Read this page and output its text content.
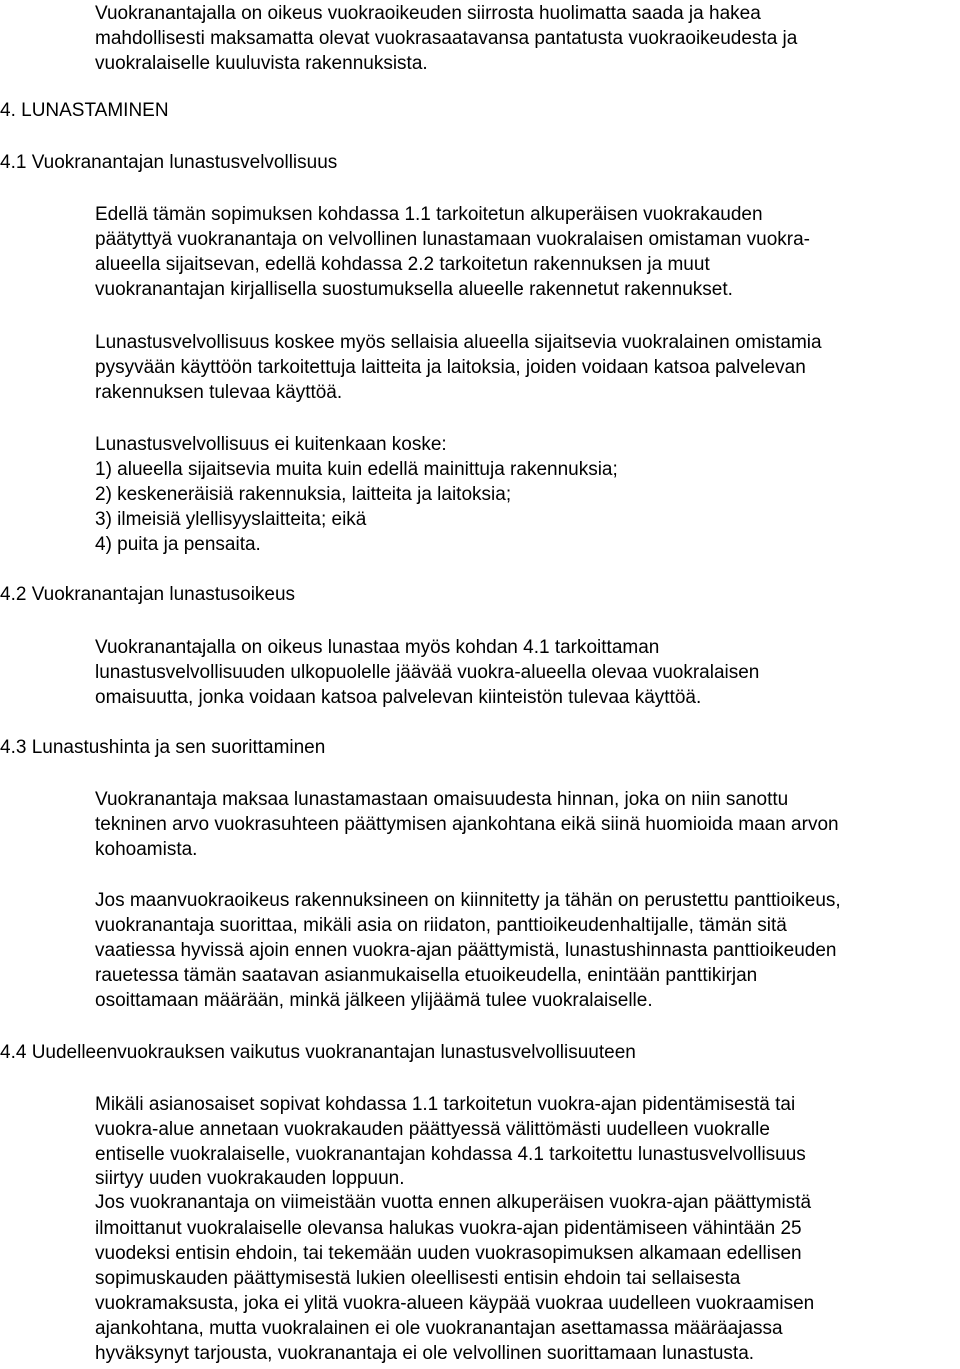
Vuokranantajalla on oikeus vuokraoikeuden siirrosta huolimatta saada ja hakea
mahdollisesti maksamatta olevat vuokrasaatavansa pantatusta vuokraoikeudesta ja
vuokralaiselle kuuluvista rakennuksista.
4. LUNASTAMINEN
4.1 Vuokranantajan lunastusvelvollisuus
Edellä tämän sopimuksen kohdassa 1.1 tarkoitetun alkuperäisen vuokrakauden
päätyttyä vuokranantaja on velvollinen lunastamaan vuokralaisen omistaman vuokra-
alueella sijaitsevan, edellä kohdassa 2.2 tarkoitetun rakennuksen ja muut
vuokranantajan kirjallisella suostumuksella alueelle rakennetut rakennukset.
Lunastusvelvollisuus koskee myös sellaisia alueella sijaitsevia vuokralainen omistamia
pysyvään käyttöön tarkoitettuja laitteita ja laitoksia, joiden voidaan katsoa palvelevan
rakennuksen tulevaa käyttöä.
Lunastusvelvollisuus ei kuitenkaan koske:
1) alueella sijaitsevia muita kuin edellä mainittuja rakennuksia;
2) keskeneräisiä rakennuksia, laitteita ja laitoksia;
3) ilmeisiä ylellisyyslaitteita; eikä
4) puita ja pensaita.
4.2 Vuokranantajan lunastusoikeus
Vuokranantajalla on oikeus lunastaa myös kohdan 4.1 tarkoittaman
lunastusvelvollisuuden ulkopuolelle jäävää vuokra-alueella olevaa vuokralaisen
omaisuutta, jonka voidaan katsoa palvelevan kiinteistön tulevaa käyttöä.
4.3 Lunastushinta ja sen suorittaminen
Vuokranantaja maksaa lunastamastaan omaisuudesta hinnan, joka on niin sanottu
tekninen arvo vuokrasuhteen päättymisen ajankohtana eikä siinä huomioida maan arvon
kohoamista.
Jos maanvuokraoikeus rakennuksineen on kiinnitetty ja tähän on perustettu panttioikeus,
vuokranantaja suorittaa, mikäli asia on riidaton, panttioikeudenhaltijalle, tämän sitä
vaatiessa hyvissä ajoin ennen vuokra-ajan päättymistä, lunastushinnasta panttioikeuden
rauetessa tämän saatavan asianmukaisella etuoikeudella, enintään panttikirjan
osoittamaan määrään, minkä jälkeen ylijäämä tulee vuokralaiselle.
4.4 Uudelleenvuokrauksen vaikutus vuokranantajan lunastusvelvollisuuteen
Mikäli asianosaiset sopivat kohdassa 1.1 tarkoitetun vuokra-ajan pidentämisestä tai
vuokra-alue annetaan vuokrakauden päättyessä välittömästi uudelleen vuokralle
entiselle vuokralaiselle, vuokranantajan kohdassa 4.1 tarkoitettu lunastusvelvollisuus
siirtyy uuden vuokrakauden loppuun.
Jos vuokranantaja on viimeistään vuotta ennen alkuperäisen vuokra-ajan päättymistä
ilmoittanut vuokralaiselle olevansa halukas vuokra-ajan pidentämiseen vähintään 25
vuodeksi entisin ehdoin, tai tekemään uuden vuokrasopimuksen alkamaan edellisen
sopimuskauden päättymisestä lukien oleellisesti entisin ehdoin tai sellaisesta
vuokramaksusta, joka ei ylitä vuokra-alueen käypää vuokraa uudelleen vuokraamisen
ajankohtana, mutta vuokralainen ei ole vuokranantajan asettamassa määräajassa
hyväksynyt tarjousta, vuokranantaja ei ole velvollinen suorittamaan lunastusta.
